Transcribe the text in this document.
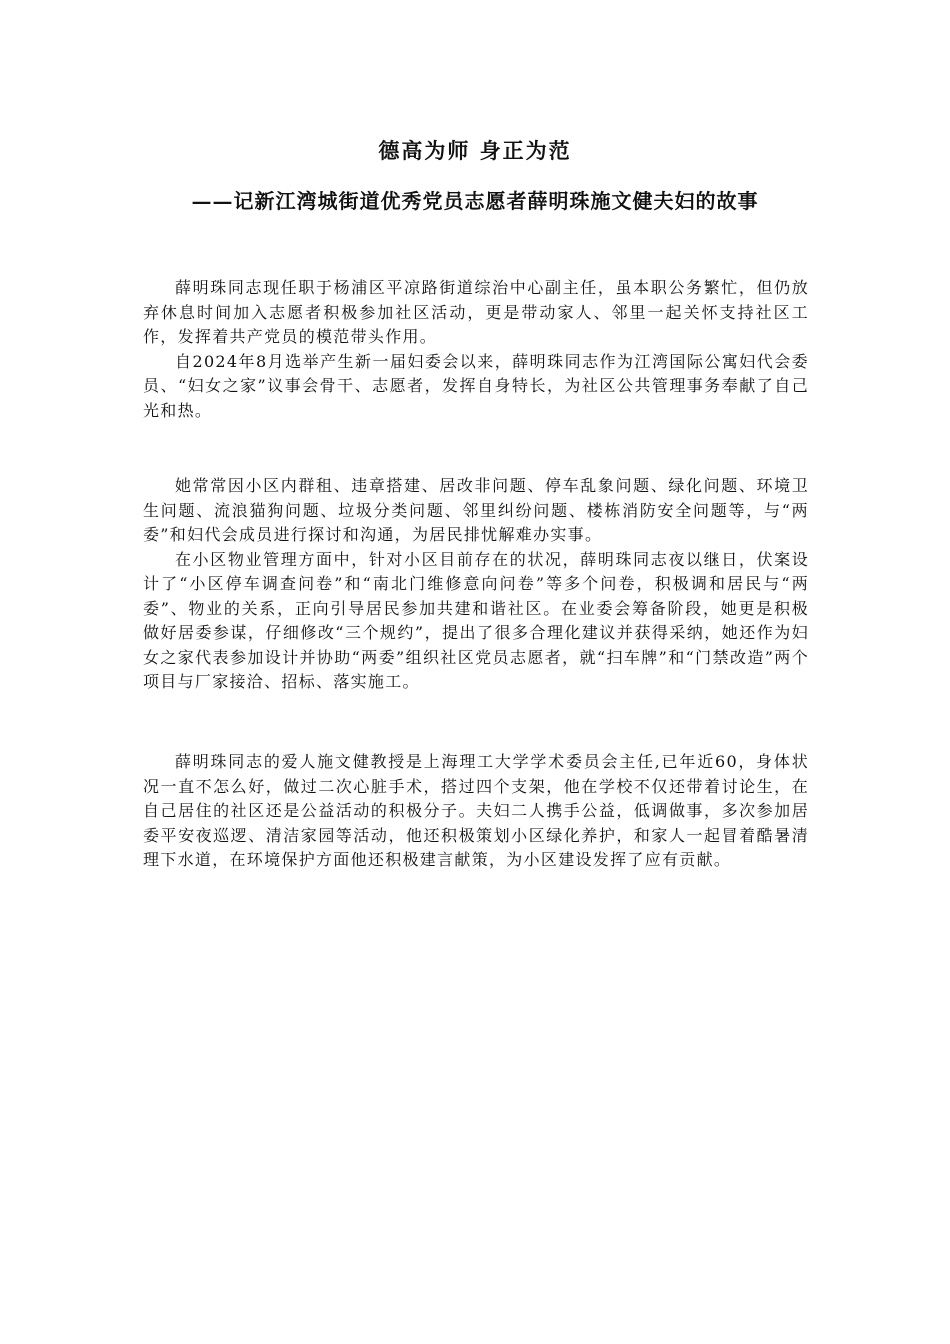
德高为师 身正为范
——记新江湾城街道优秀党员志愿者薛明珠施文健夫妇的故事

薛明珠同志现任职于杨浦区平凉路街道综治中心副主任，虽本职公务繁忙，但仍放弃休息时间加入志愿者积极参加社区活动，更是带动家人、邻里一起关怀支持社区工作，发挥着共产党员的模范带头作用。

自2024年8月选举产生新一届妇委会以来，薛明珠同志作为江湾国际公寓妇代会委员、“妇女之家”议事会骨干、志愿者，发挥自身特长，为社区公共管理事务奉献了自己光和热。

她常常因小区内群租、违章搭建、居改非问题、停车乱象问题、绿化问题、环境卫生问题、流浪猫狗问题、垃圾分类问题、邻里纠纷问题、楼栋消防安全问题等，与“两委”和妇代会成员进行探讨和沟通，为居民排忧解难办实事。

在小区物业管理方面中，针对小区目前存在的状况，薛明珠同志夜以继日，伏案设计了“小区停车调查问卷”和“南北门维修意向问卷”等多个问卷，积极调和居民与“两委”、物业的关系，正向引导居民参加共建和谐社区。在业委会筹备阶段，她更是积极做好居委参谋，仔细修改“三个规约”，提出了很多合理化建议并获得采纳，她还作为妇女之家代表参加设计并协助“两委”组织社区党员志愿者，就“扫车牌”和“门禁改造”两个项目与厂家接洽、招标、落实施工。

薛明珠同志的爱人施文健教授是上海理工大学学术委员会主任,已年近60，身体状况一直不怎么好，做过二次心脏手术，搭过四个支架，他在学校不仅还带着讨论生，在自己居住的社区还是公益活动的积极分子。夫妇二人携手公益，低调做事，多次参加居委平安夜巡逻、清洁家园等活动，他还积极策划小区绿化养护，和家人一起冒着酷暑清理下水道，在环境保护方面他还积极建言献策，为小区建设发挥了应有贡献。
